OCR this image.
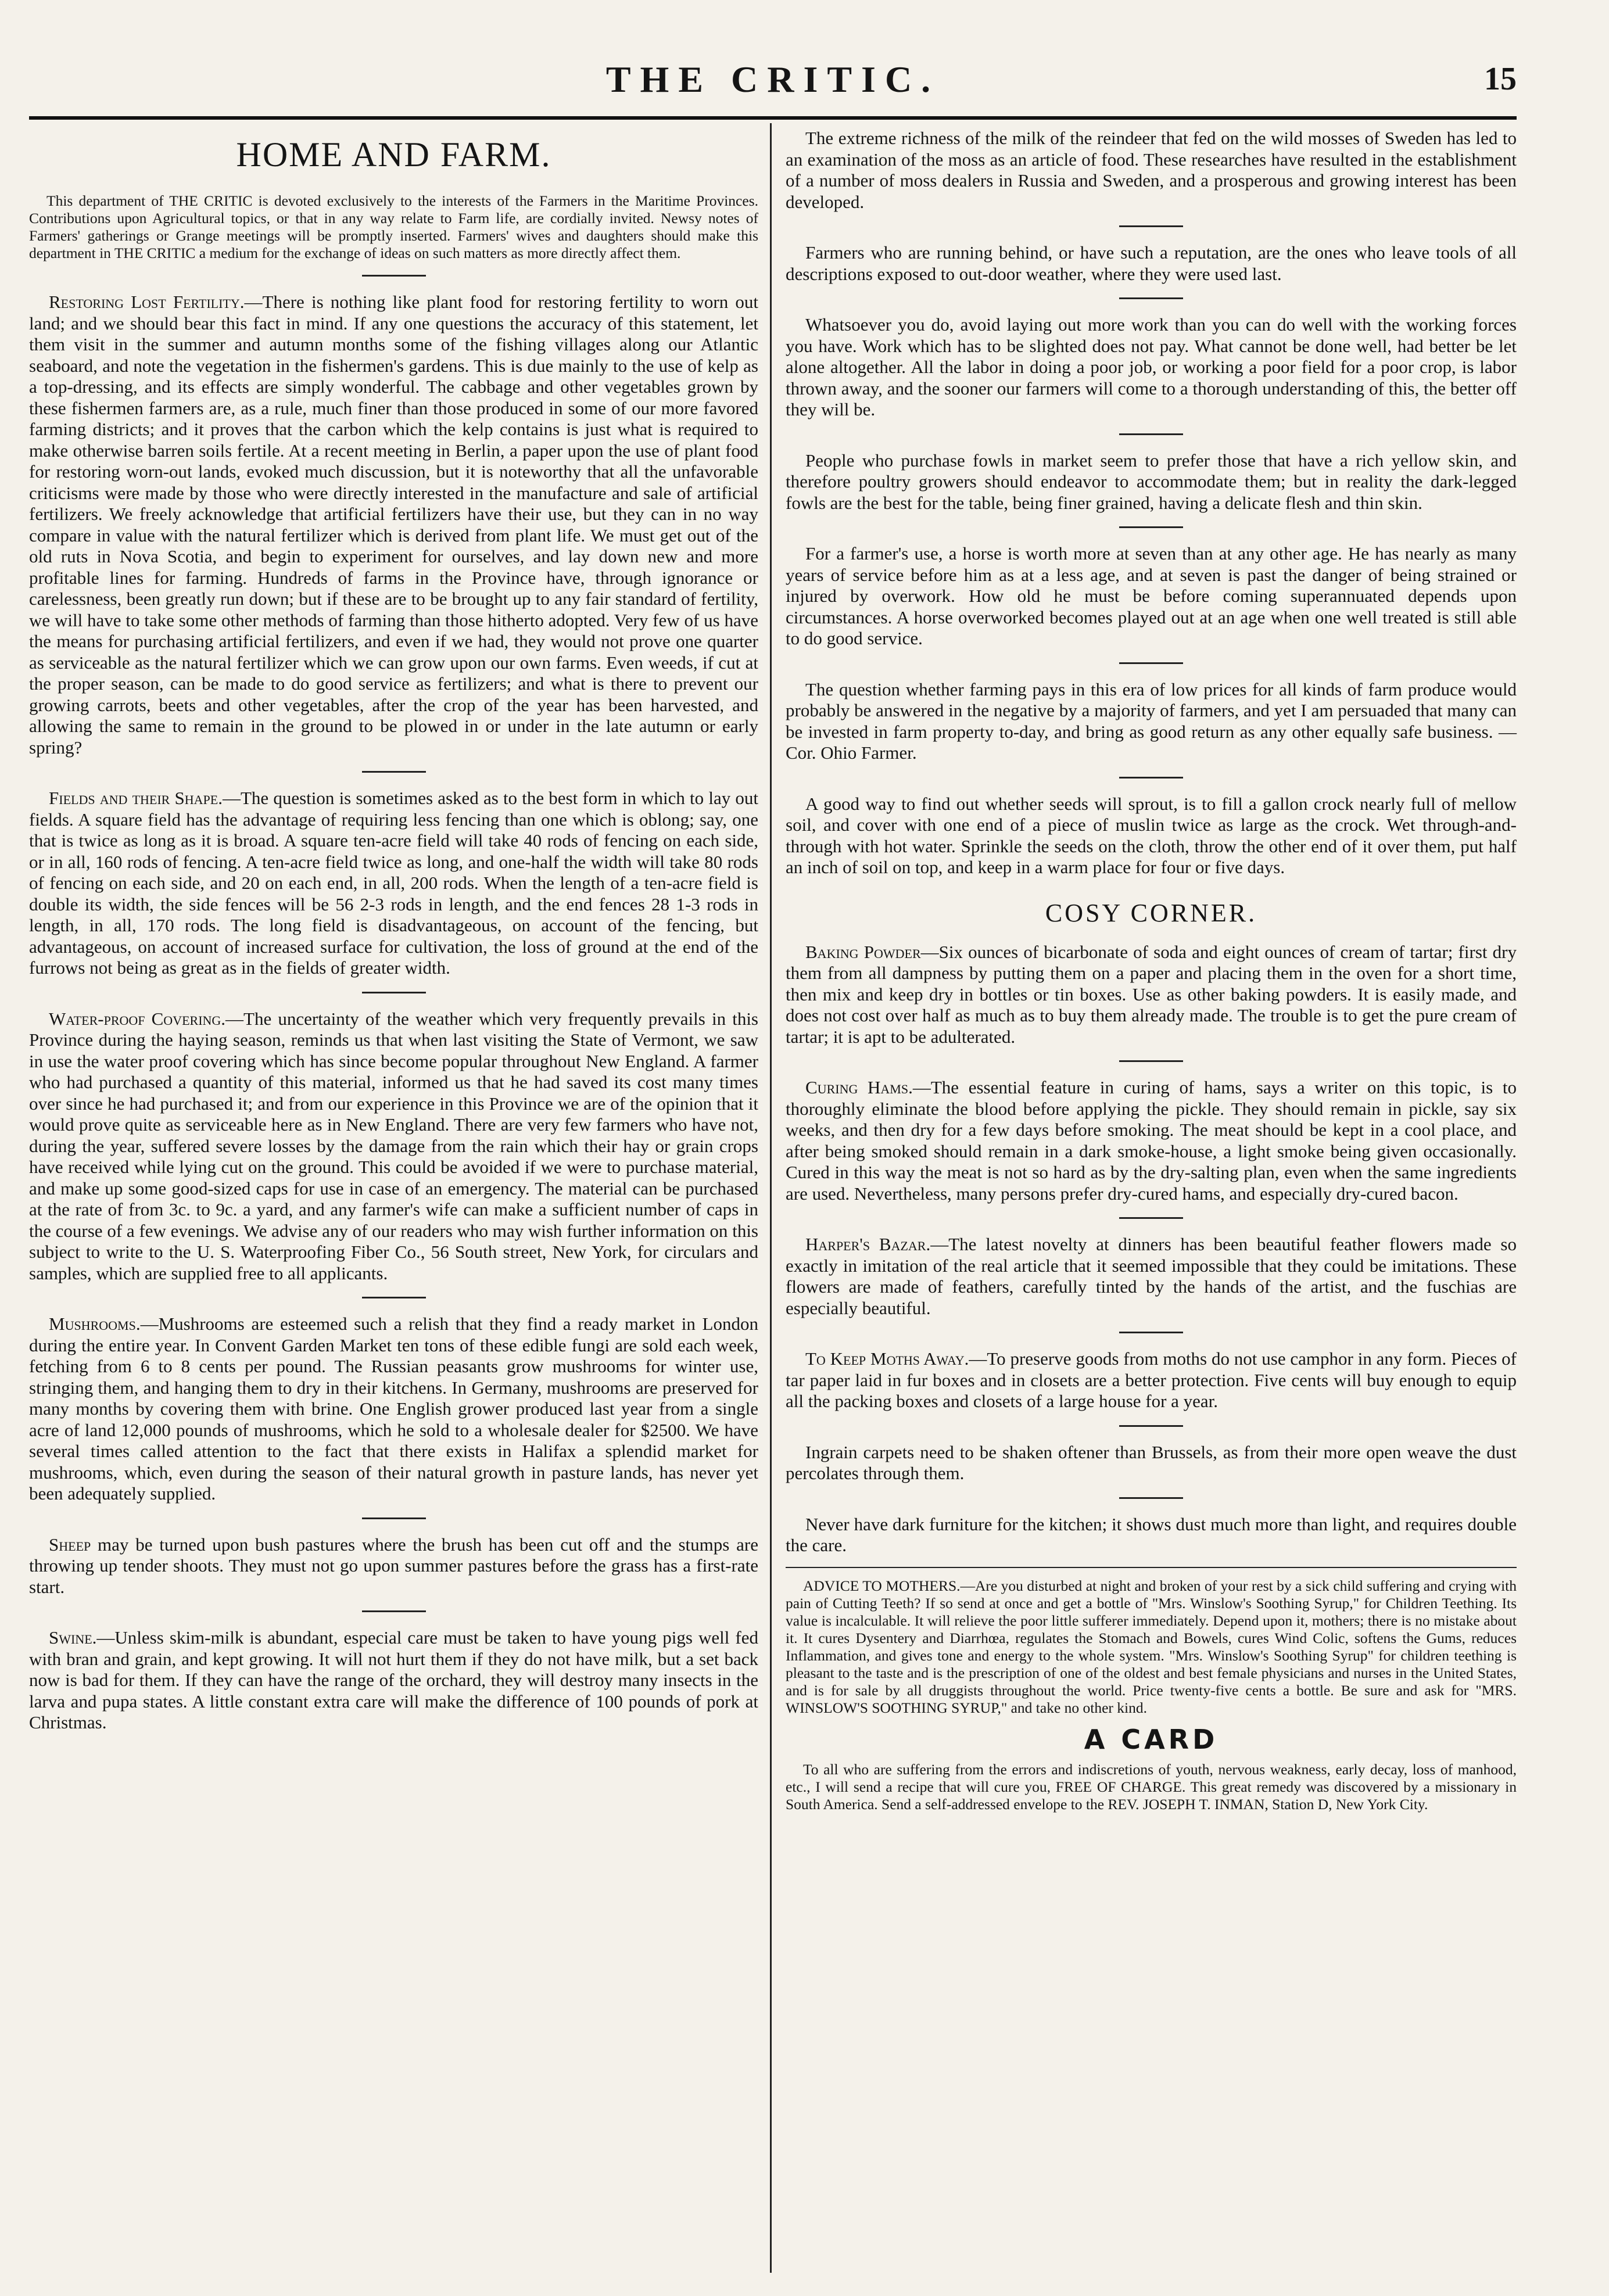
THE CRITIC.	15
HOME AND FARM.

This department of THE CRITIC is devoted exclusively to the interests of the Farmers in the Maritime Provinces. Contributions upon Agricultural topics, or that in any way relate to Farm life, are cordially invited. Newsy notes of Farmers' gatherings or Grange meetings will be promptly inserted. Farmers' wives and daughters should make this department in THE CRITIC a medium for the exchange of ideas on such matters as more directly affect them.

Restoring Lost Fertility.—There is nothing like plant food for restoring fertility to worn out land; and we should bear this fact in mind. If any one questions the accuracy of this statement, let them visit in the summer and autumn months some of the fishing villages along our Atlantic seaboard, and note the vegetation in the fishermen's gardens. This is due mainly to the use of kelp as a top-dressing, and its effects are simply wonderful. The cabbage and other vegetables grown by these fishermen farmers are, as a rule, much finer than those produced in some of our more favored farming districts; and it proves that the carbon which the kelp contains is just what is required to make otherwise barren soils fertile. At a recent meeting in Berlin, a paper upon the use of plant food for restoring worn-out lands, evoked much discussion, but it is noteworthy that all the unfavorable criticisms were made by those who were directly interested in the manufacture and sale of artificial fertilizers. We freely acknowledge that artificial fertilizers have their use, but they can in no way compare in value with the natural fertilizer which is derived from plant life. We must get out of the old ruts in Nova Scotia, and begin to experiment for ourselves, and lay down new and more profitable lines for farming. Hundreds of farms in the Province have, through ignorance or carelessness, been greatly run down; but if these are to be brought up to any fair standard of fertility, we will have to take some other methods of farming than those hitherto adopted. Very few of us have the means for purchasing artificial fertilizers, and even if we had, they would not prove one quarter as serviceable as the natural fertilizer which we can grow upon our own farms. Even weeds, if cut at the proper season, can be made to do good service as fertilizers; and what is there to prevent our growing carrots, beets and other vegetables, after the crop of the year has been harvested, and allowing the same to remain in the ground to be plowed in or under in the late autumn or early spring?

Fields and their Shape.—The question is sometimes asked as to the best form in which to lay out fields. A square field has the advantage of requiring less fencing than one which is oblong; say, one that is twice as long as it is broad. A square ten-acre field will take 40 rods of fencing on each side, or in all, 160 rods of fencing. A ten-acre field twice as long, and one-half the width will take 80 rods of fencing on each side, and 20 on each end, in all, 200 rods. When the length of a ten-acre field is double its width, the side fences will be 56 2-3 rods in length, and the end fences 28 1-3 rods in length, in all, 170 rods. The long field is disadvantageous, on account of the fencing, but advantageous, on account of increased surface for cultivation, the loss of ground at the end of the furrows not being as great as in the fields of greater width.

Water-proof Covering.—The uncertainty of the weather which very frequently prevails in this Province during the haying season, reminds us that when last visiting the State of Vermont, we saw in use the water proof covering which has since become popular throughout New England. A farmer who had purchased a quantity of this material, informed us that he had saved its cost many times over since he had purchased it; and from our experience in this Province we are of the opinion that it would prove quite as serviceable here as in New England. There are very few farmers who have not, during the year, suffered severe losses by the damage from the rain which their hay or grain crops have received while lying cut on the ground. This could be avoided if we were to purchase material, and make up some good-sized caps for use in case of an emergency. The material can be purchased at the rate of from 3c. to 9c. a yard, and any farmer's wife can make a sufficient number of caps in the course of a few evenings. We advise any of our readers who may wish further information on this subject to write to the U. S. Waterproofing Fiber Co., 56 South street, New York, for circulars and samples, which are supplied free to all applicants.

Mushrooms.—Mushrooms are esteemed such a relish that they find a ready market in London during the entire year. In Convent Garden Market ten tons of these edible fungi are sold each week, fetching from 6 to 8 cents per pound. The Russian peasants grow mushrooms for winter use, stringing them, and hanging them to dry in their kitchens. In Germany, mushrooms are preserved for many months by covering them with brine. One English grower produced last year from a single acre of land 12,000 pounds of mushrooms, which he sold to a wholesale dealer for $2500. We have several times called attention to the fact that there exists in Halifax a splendid market for mushrooms, which, even during the season of their natural growth in pasture lands, has never yet been adequately supplied.

Sheep may be turned upon bush pastures where the brush has been cut off and the stumps are throwing up tender shoots. They must not go upon summer pastures before the grass has a first-rate start.

Swine.—Unless skim-milk is abundant, especial care must be taken to have young pigs well fed with bran and grain, and kept growing. It will not hurt them if they do not have milk, but a set back now is bad for them. If they can have the range of the orchard, they will destroy many insects in the larva and pupa states. A little constant extra care will make the difference of 100 pounds of pork at Christmas.

The extreme richness of the milk of the reindeer that fed on the wild mosses of Sweden has led to an examination of the moss as an article of food. These researches have resulted in the establishment of a number of moss dealers in Russia and Sweden, and a prosperous and growing interest has been developed.

Farmers who are running behind, or have such a reputation, are the ones who leave tools of all descriptions exposed to out-door weather, where they were used last.

Whatsoever you do, avoid laying out more work than you can do well with the working forces you have. Work which has to be slighted does not pay. What cannot be done well, had better be let alone altogether. All the labor in doing a poor job, or working a poor field for a poor crop, is labor thrown away, and the sooner our farmers will come to a thorough understanding of this, the better off they will be.

People who purchase fowls in market seem to prefer those that have a rich yellow skin, and therefore poultry growers should endeavor to accommodate them; but in reality the dark-legged fowls are the best for the table, being finer grained, having a delicate flesh and thin skin.

For a farmer's use, a horse is worth more at seven than at any other age. He has nearly as many years of service before him as at a less age, and at seven is past the danger of being strained or injured by overwork. How old he must be before coming superannuated depends upon circumstances. A horse overworked becomes played out at an age when one well treated is still able to do good service.

The question whether farming pays in this era of low prices for all kinds of farm produce would probably be answered in the negative by a majority of farmers, and yet I am persuaded that many can be invested in farm property to-day, and bring as good return as any other equally safe business. —Cor. Ohio Farmer.

A good way to find out whether seeds will sprout, is to fill a gallon crock nearly full of mellow soil, and cover with one end of a piece of muslin twice as large as the crock. Wet through-and-through with hot water. Sprinkle the seeds on the cloth, throw the other end of it over them, put half an inch of soil on top, and keep in a warm place for four or five days.

COSY CORNER.

Baking Powder—Six ounces of bicarbonate of soda and eight ounces of cream of tartar; first dry them from all dampness by putting them on a paper and placing them in the oven for a short time, then mix and keep dry in bottles or tin boxes. Use as other baking powders. It is easily made, and does not cost over half as much as to buy them already made. The trouble is to get the pure cream of tartar; it is apt to be adulterated.

Curing Hams.—The essential feature in curing of hams, says a writer on this topic, is to thoroughly eliminate the blood before applying the pickle. They should remain in pickle, say six weeks, and then dry for a few days before smoking. The meat should be kept in a cool place, and after being smoked should remain in a dark smoke-house, a light smoke being given occasionally. Cured in this way the meat is not so hard as by the dry-salting plan, even when the same ingredients are used. Nevertheless, many persons prefer dry-cured hams, and especially dry-cured bacon.

Harper's Bazar.—The latest novelty at dinners has been beautiful feather flowers made so exactly in imitation of the real article that it seemed impossible that they could be imitations. These flowers are made of feathers, carefully tinted by the hands of the artist, and the fuschias are especially beautiful.

To Keep Moths Away.—To preserve goods from moths do not use camphor in any form. Pieces of tar paper laid in fur boxes and in closets are a better protection. Five cents will buy enough to equip all the packing boxes and closets of a large house for a year.

Ingrain carpets need to be shaken oftener than Brussels, as from their more open weave the dust percolates through them.

Never have dark furniture for the kitchen; it shows dust much more than light, and requires double the care.

ADVICE TO MOTHERS.—Are you disturbed at night and broken of your rest by a sick child suffering and crying with pain of Cutting Teeth? If so send at once and get a bottle of "Mrs. Winslow's Soothing Syrup," for Children Teething. Its value is incalculable. It will relieve the poor little sufferer immediately. Depend upon it, mothers; there is no mistake about it. It cures Dysentery and Diarrhœa, regulates the Stomach and Bowels, cures Wind Colic, softens the Gums, reduces Inflammation, and gives tone and energy to the whole system. "Mrs. Winslow's Soothing Syrup" for children teething is pleasant to the taste and is the prescription of one of the oldest and best female physicians and nurses in the United States, and is for sale by all druggists throughout the world. Price twenty-five cents a bottle. Be sure and ask for "MRS. WINSLOW'S SOOTHING SYRUP," and take no other kind.

A CARD

To all who are suffering from the errors and indiscretions of youth, nervous weakness, early decay, loss of manhood, etc., I will send a recipe that will cure you, FREE OF CHARGE. This great remedy was discovered by a missionary in South America. Send a self-addressed envelope to the REV. JOSEPH T. INMAN, Station D, New York City.
